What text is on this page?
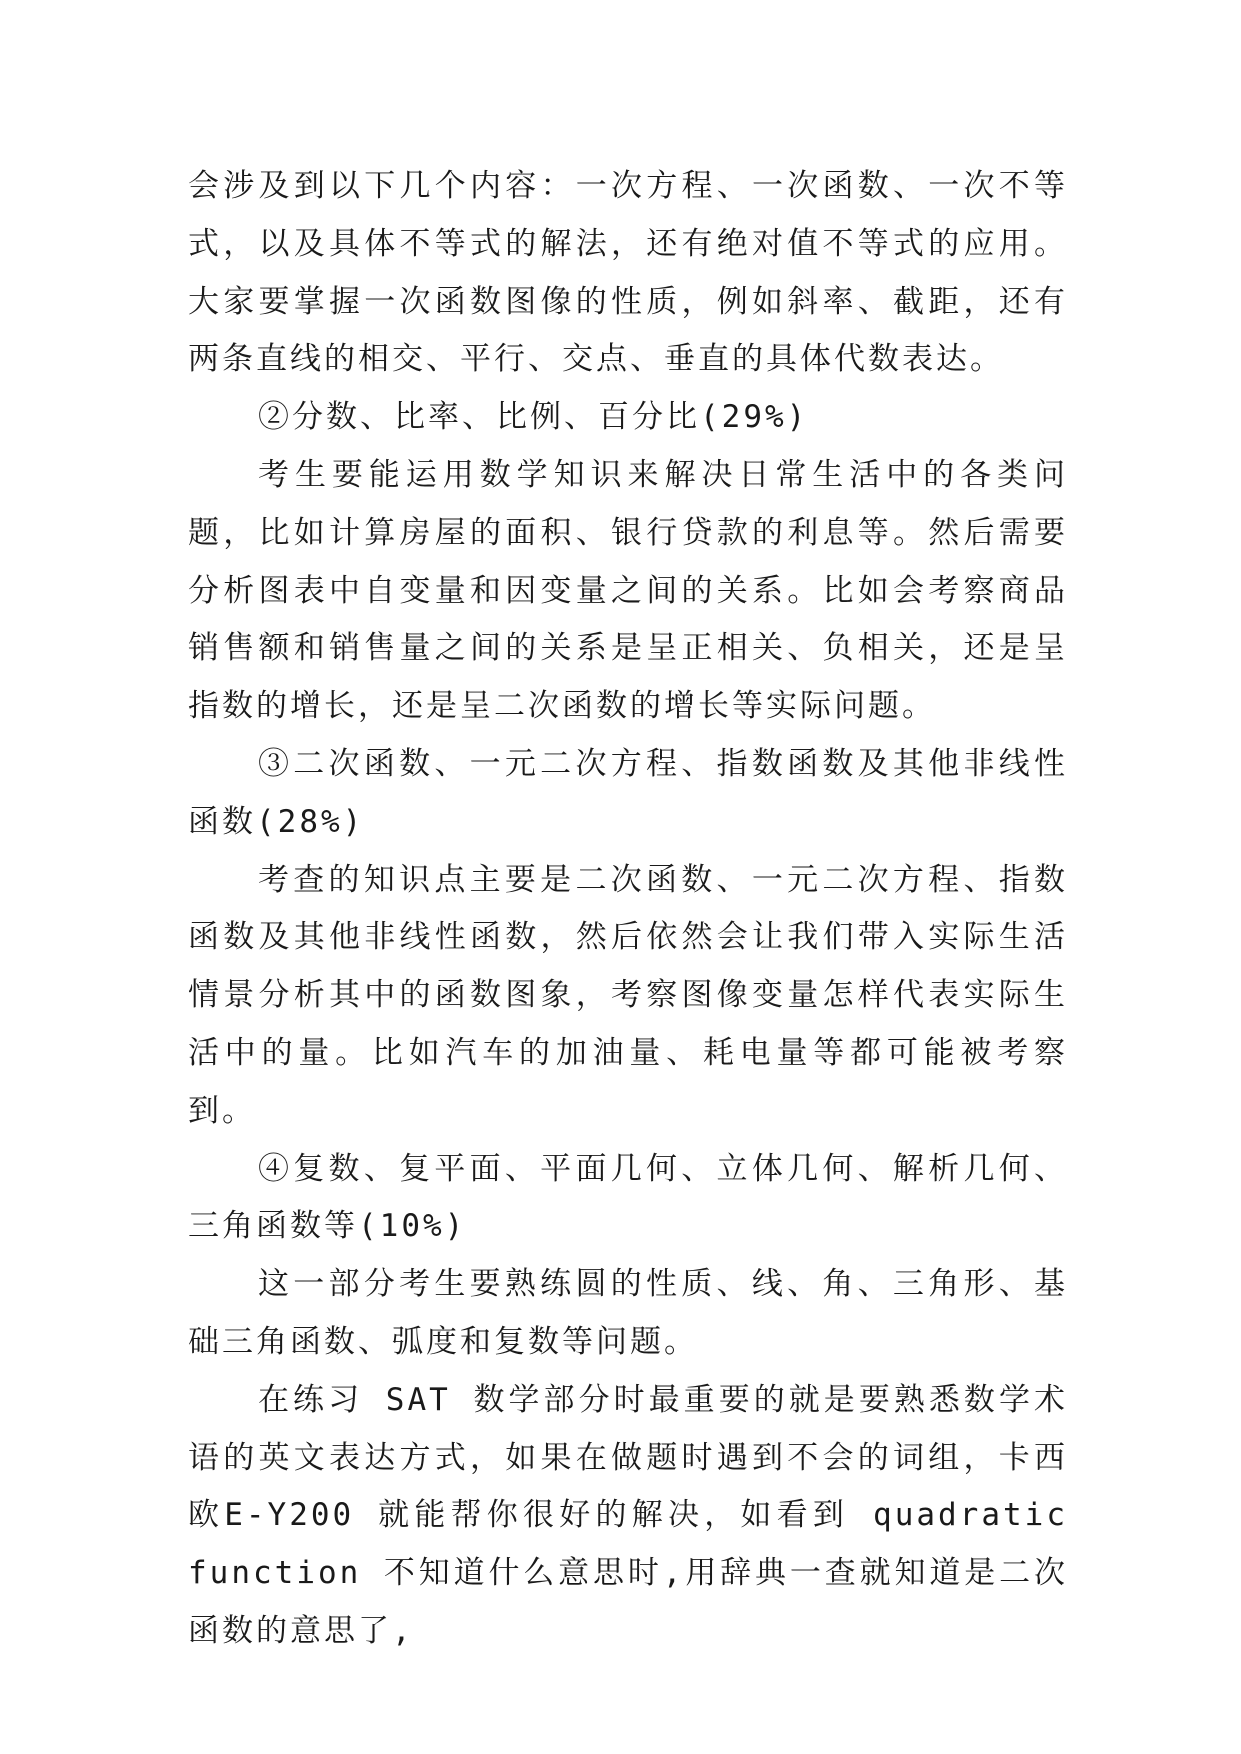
会涉及到以下几个内容：一次方程、一次函数、一次不等式，以及具体不等式的解法，还有绝对值不等式的应用。大家要掌握一次函数图像的性质，例如斜率、截距，还有两条直线的相交、平行、交点、垂直的具体代数表达。

②分数、比率、比例、百分比(29%)

考生要能运用数学知识来解决日常生活中的各类问题，比如计算房屋的面积、银行贷款的利息等。然后需要分析图表中自变量和因变量之间的关系。比如会考察商品销售额和销售量之间的关系是呈正相关、负相关，还是呈指数的增长，还是呈二次函数的增长等实际问题。

③二次函数、一元二次方程、指数函数及其他非线性函数(28%)

考查的知识点主要是二次函数、一元二次方程、指数函数及其他非线性函数，然后依然会让我们带入实际生活情景分析其中的函数图象，考察图像变量怎样代表实际生活中的量。比如汽车的加油量、耗电量等都可能被考察到。

④复数、复平面、平面几何、立体几何、解析几何、三角函数等(10%)

这一部分考生要熟练圆的性质、线、角、三角形、基础三角函数、弧度和复数等问题。

在练习 SAT 数学部分时最重要的就是要熟悉数学术语的英文表达方式，如果在做题时遇到不会的词组，卡西欧E-Y200 就能帮你很好的解决，如看到 quadratic function 不知道什么意思时,用辞典一查就知道是二次函数的意思了,
